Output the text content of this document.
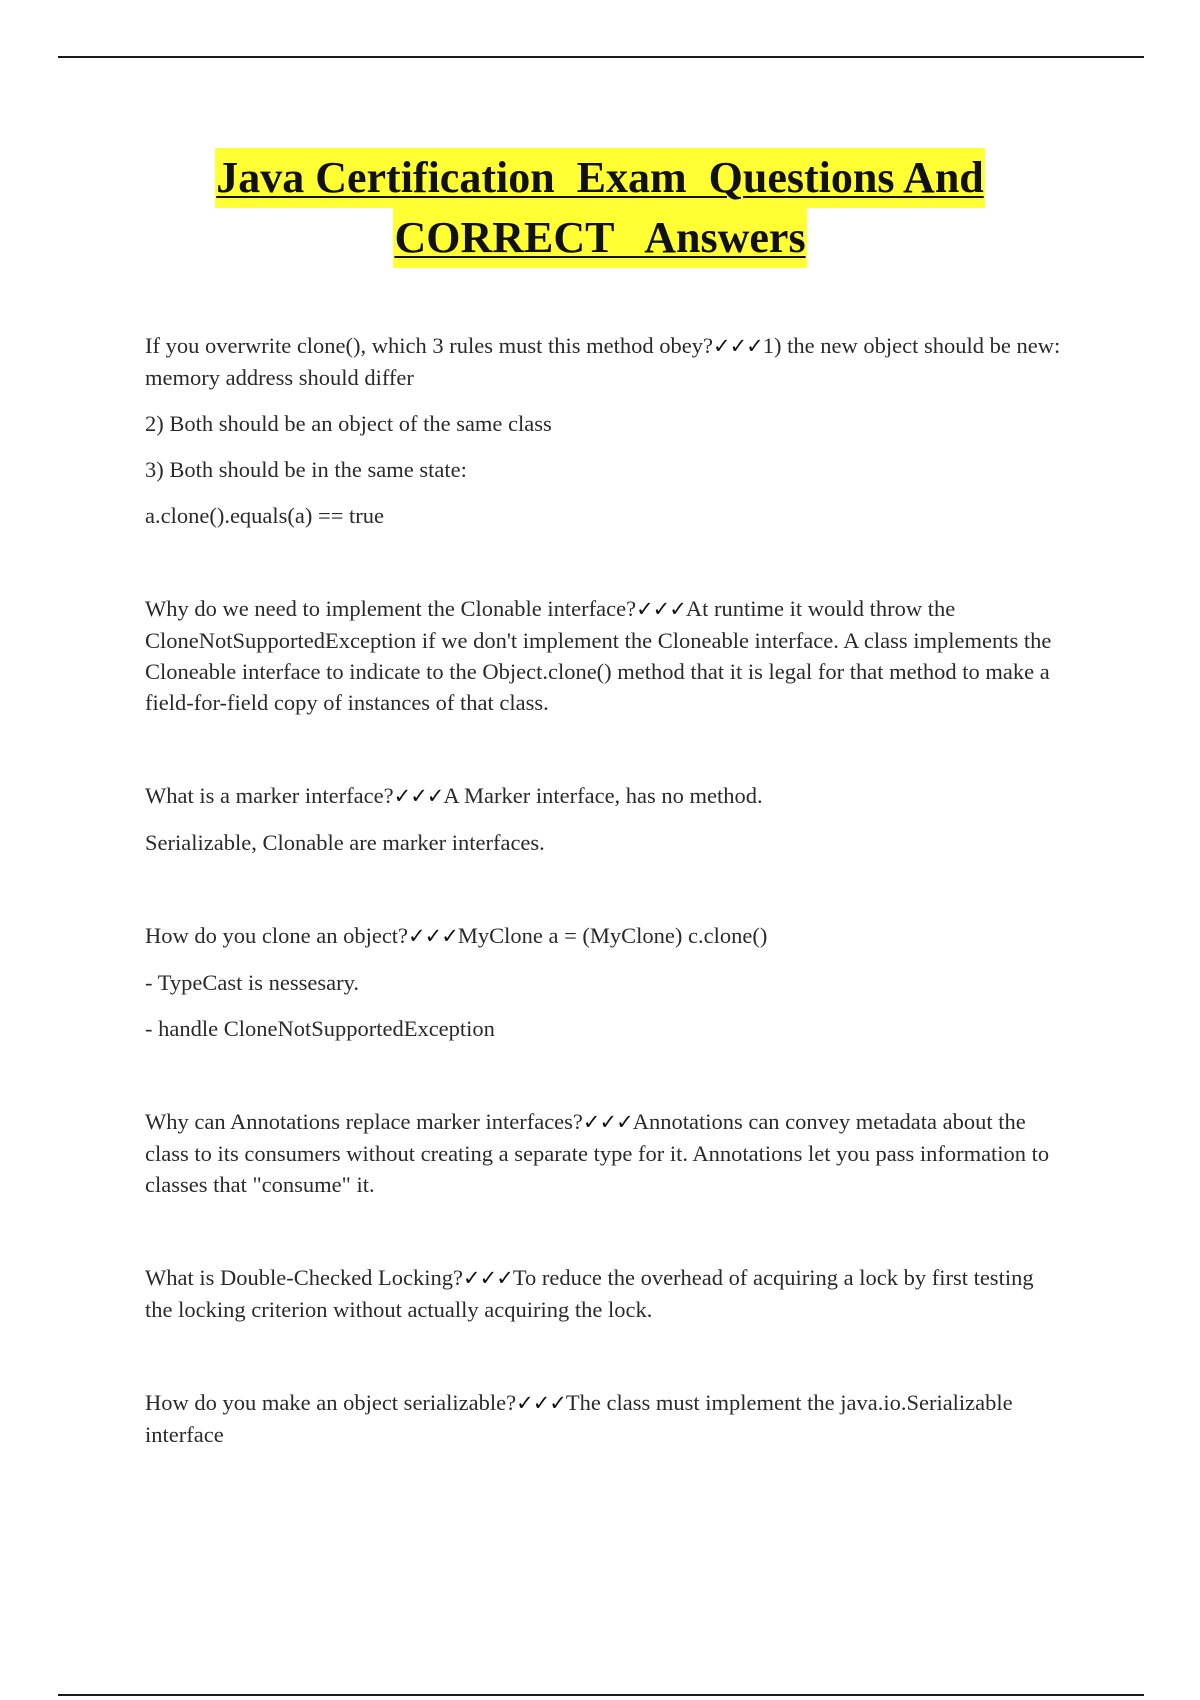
Java Certification  Exam  Questions And
CORRECT   Answers

If you overwrite clone(), which 3 rules must this method obey?✓✓✓1) the new object should be new: memory address should differ

2) Both should be an object of the same class

3) Both should be in the same state:

a.clone().equals(a) == true

Why do we need to implement the Clonable interface?✓✓✓At runtime it would throw the CloneNotSupportedException if we don't implement the Cloneable interface. A class implements the Cloneable interface to indicate to the Object.clone() method that it is legal for that method to make a field-for-field copy of instances of that class.

What is a marker interface?✓✓✓A Marker interface, has no method.

Serializable, Clonable are marker interfaces.

How do you clone an object?✓✓✓MyClone a = (MyClone) c.clone()

- TypeCast is nessesary.

- handle CloneNotSupportedException

Why can Annotations replace marker interfaces?✓✓✓Annotations can convey metadata about the class to its consumers without creating a separate type for it. Annotations let you pass information to classes that "consume" it.

What is Double-Checked Locking?✓✓✓To reduce the overhead of acquiring a lock by first testing the locking criterion without actually acquiring the lock.

How do you make an object serializable?✓✓✓The class must implement the java.io.Serializable interface
